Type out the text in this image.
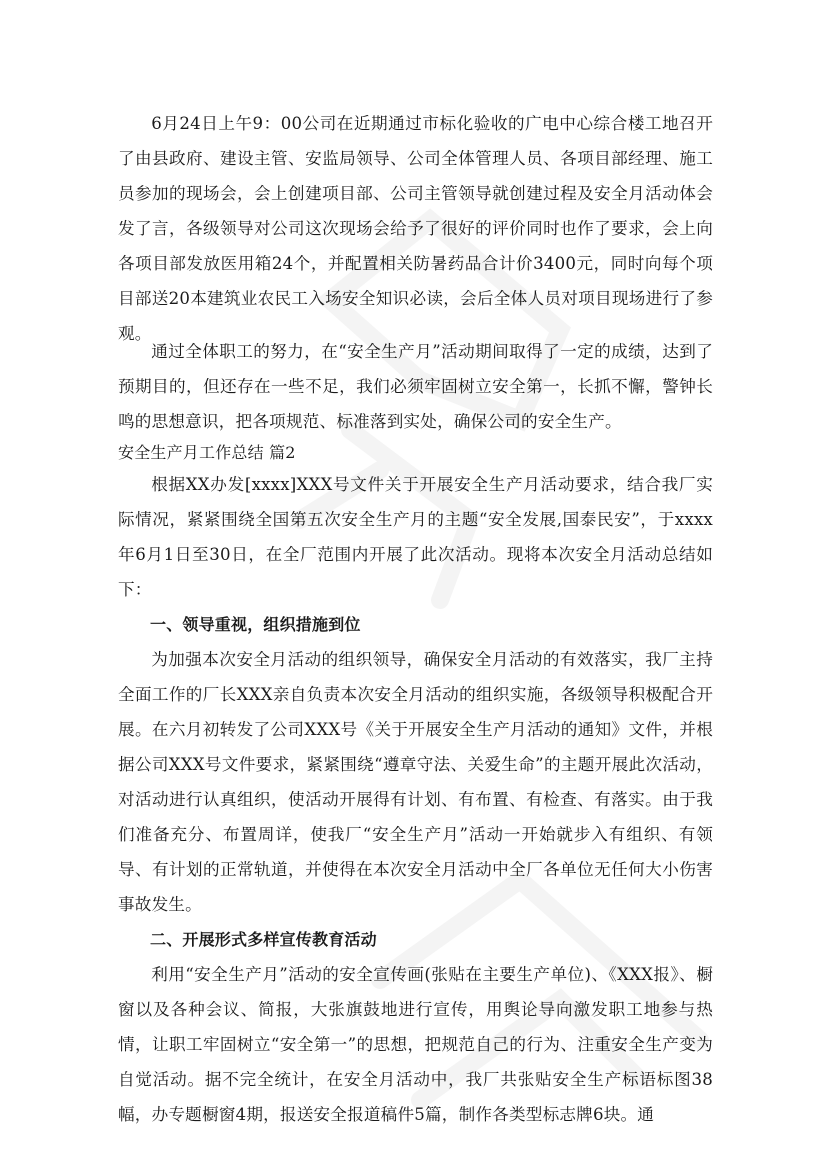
6月24日上午9：00公司在近期通过市标化验收的广电中心综合楼工地召开了由县政府、建设主管、安监局领导、公司全体管理人员、各项目部经理、施工员参加的现场会，会上创建项目部、公司主管领导就创建过程及安全月活动体会发了言，各级领导对公司这次现场会给予了很好的评价同时也作了要求，会上向各项目部发放医用箱24个，并配置相关防暑药品合计价3400元，同时向每个项目部送20本建筑业农民工入场安全知识必读，会后全体人员对项目现场进行了参观。

通过全体职工的努力，在“安全生产月”活动期间取得了一定的成绩，达到了预期目的，但还存在一些不足，我们必须牢固树立安全第一，长抓不懈，警钟长鸣的思想意识，把各项规范、标准落到实处，确保公司的安全生产。

安全生产月工作总结 篇2

根据XX办发[xxxx]XXX号文件关于开展安全生产月活动要求，结合我厂实际情况，紧紧围绕全国第五次安全生产月的主题“安全发展,国泰民安”，于xxxx年6月1日至30日，在全厂范围内开展了此次活动。现将本次安全月活动总结如下：

一、领导重视，组织措施到位

为加强本次安全月活动的组织领导，确保安全月活动的有效落实，我厂主持全面工作的厂长XXX亲自负责本次安全月活动的组织实施，各级领导积极配合开展。在六月初转发了公司XXX号《关于开展安全生产月活动的通知》文件，并根据公司XXX号文件要求，紧紧围绕“遵章守法、关爱生命”的主题开展此次活动，对活动进行认真组织，使活动开展得有计划、有布置、有检查、有落实。由于我们准备充分、布置周详，使我厂“安全生产月”活动一开始就步入有组织、有领导、有计划的正常轨道，并使得在本次安全月活动中全厂各单位无任何大小伤害事故发生。

二、开展形式多样宣传教育活动

利用“安全生产月”活动的安全宣传画(张贴在主要生产单位)、《XXX报》、橱窗以及各种会议、简报，大张旗鼓地进行宣传，用舆论导向激发职工地参与热情，让职工牢固树立“安全第一”的思想，把规范自己的行为、注重安全生产变为自觉活动。据不完全统计，在安全月活动中，我厂共张贴安全生产标语标图38幅，办专题橱窗4期，报送安全报道稿件5篇，制作各类型标志牌6块。通
